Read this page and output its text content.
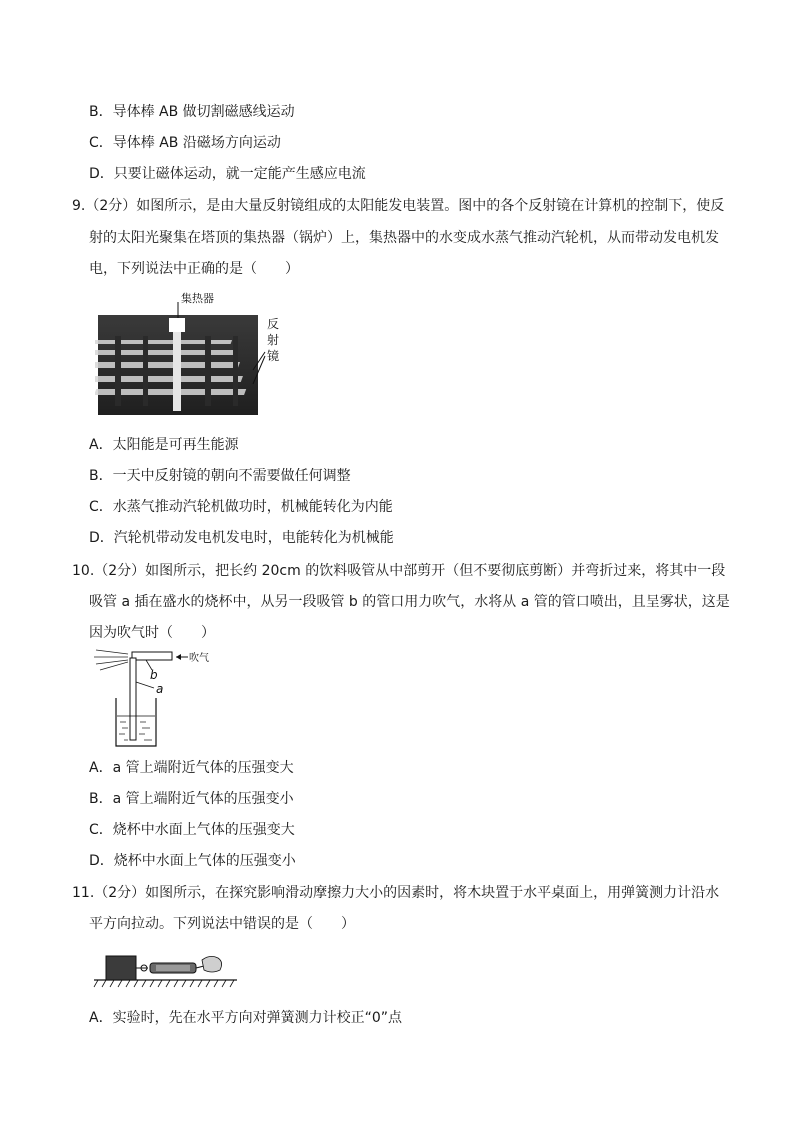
B．导体棒 AB 做切割磁感线运动
C．导体棒 AB 沿磁场方向运动
D．只要让磁体运动，就一定能产生感应电流
9.（2分）如图所示，是由大量反射镜组成的太阳能发电装置。图中的各个反射镜在计算机的控制下，使反
射的太阳光聚集在塔顶的集热器（锅炉）上，集热器中的水变成水蒸气推动汽轮机，从而带动发电机发
电，下列说法中正确的是（　　）
集热器
反
射
镜
A．太阳能是可再生能源
B．一天中反射镜的朝向不需要做任何调整
C．水蒸气推动汽轮机做功时，机械能转化为内能
D．汽轮机带动发电机发电时，电能转化为机械能
10.（2分）如图所示，把长约 20cm 的饮料吸管从中部剪开（但不要彻底剪断）并弯折过来，将其中一段
吸管 a 插在盛水的烧杯中，从另一段吸管 b 的管口用力吹气，水将从 a 管的管口喷出，且呈雾状，这是
因为吹气时（　　）
吹气
b
a
A．a 管上端附近气体的压强变大
B．a 管上端附近气体的压强变小
C．烧杯中水面上气体的压强变大
D．烧杯中水面上气体的压强变小
11.（2分）如图所示，在探究影响滑动摩擦力大小的因素时，将木块置于水平桌面上，用弹簧测力计沿水
平方向拉动。下列说法中错误的是（　　）
A．实验时，先在水平方向对弹簧测力计校正“0”点
